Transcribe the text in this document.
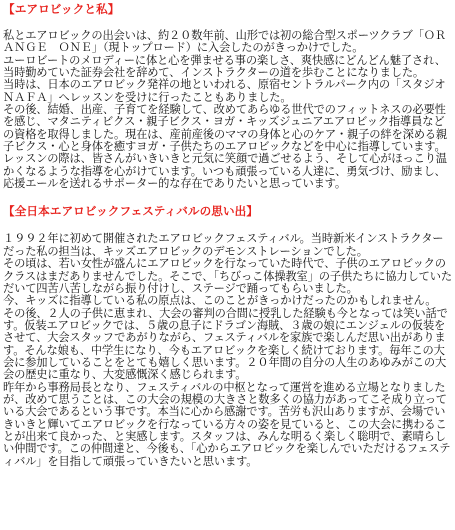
【エアロビックと私】

私とエアロビックの出会いは、約２０数年前、山形では初の総合型スポーツクラブ「ＯＲＡＮＧＥ　ＯＮＥ」（現トップロード）に入会したのがきっかけでした。

ユーロビートのメロディーに体と心を弾ませる事の楽しさ、爽快感にどんどん魅了され、当時勤めていた証券会社を辞めて、インストラクターの道を歩むことになりました。

当時は、日本のエアロビック発祥の地といわれる、原宿セントラルパーク内の「スタジオＮＡＦＡ」へレッスンを受けに行ったこともありました。

その後、結婚、出産、子育てを経験して、改めてあらゆる世代でのフィットネスの必要性を感じ、マタニティビクス・親子ビクス・ヨガ・キッズジュニアエアロビック指導員などの資格を取得しました。現在は、産前産後のママの身体と心のケア・親子の絆を深める親子ビクス・心と身体を癒すヨガ・子供たちのエアロビックなどを中心に指導しています。レッスンの際は、皆さんがいきいきと元気に笑顔で過ごせるよう、そして心がほっこり温かくなるような指導を心がけています。いつも頑張っている人達に、勇気づけ、励まし、応援エールを送れるサポーター的な存在でありたいと思っています。

【全日本エアロビックフェスティバルの思い出】

１９９２年に初めて開催されたエアロビックフェスティバル。当時新米インストラクターだった私の担当は、キッズエアロビックのデモンストレーションでした。

その頃は、若い女性が盛んにエアロビックを行なっていた時代で、子供のエアロビックのクラスはまだありませんでした。そこで、「ちびっこ体操教室」の子供たちに協力していただいて四苦八苦しながら振り付けし、ステージで踊ってもらいました。

今、キッズに指導している私の原点は、このことがきっかけだったのかもしれません。

その後、２人の子供に恵まれ、大会の審判の合間に授乳した経験も今となっては笑い話です。仮装エアロビックでは、５歳の息子にドラゴン海賊、３歳の娘にエンジェルの仮装をさせて、大会スタッフであがりながら、フェスティバルを家族で楽しんだ思い出があります。そんな娘も、中学生になり、今もエアロビックを楽しく続けております。毎年この大会に参加していることをとても嬉しく思います。２０年間の自分の人生のあゆみがこの大会の歴史に重なり、大変感慨深く感じられます。

昨年から事務局長となり、フェスティバルの中枢となって運営を進める立場となりましたが、改めて思うことは、この大会の規模の大きさと数多くの協力があってこそ成り立っている大会であるという事です。本当に心から感謝です。苦労も沢山ありますが、会場でいきいきと輝いてエアロビックを行なっている方々の姿を見ていると、この大会に携わることが出来て良かった、と実感します。スタッフは、みんな明るく楽しく聡明で、素晴らしい仲間です。この仲間達と、今後も、「心からエアロビックを楽しんでいただけるフェスティバル」を目指して頑張っていきたいと思います。
